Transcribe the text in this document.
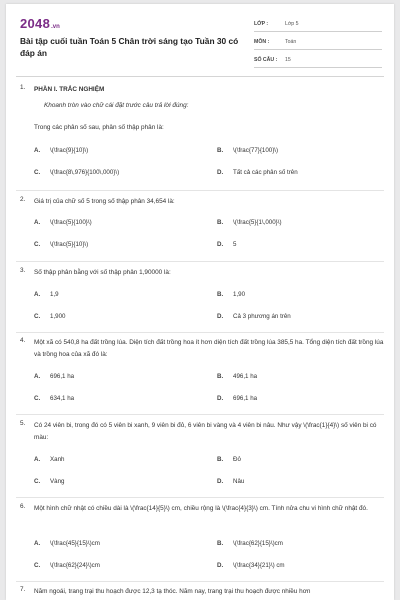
2048 .vn
Bài tập cuối tuần Toán 5 Chân trời sáng tạo Tuần 30 có đáp án
LỚP :	Lớp 5
MÔN :	Toán
SỐ CÂU :	15
1.	PHẦN I. TRẮC NGHIỆM
Khoanh tròn vào chữ cái đặt trước câu trả lời đúng:
Trong các phân số sau, phân số thập phân là:
A.	\(\frac{9}{10}\)	B.	\(\frac{77}{100}\)
C.	\(\frac{8\,976}{100\,000}\)	D.	Tất cả các phân số trên
2.	Giá trị của chữ số 5 trong số thập phân 34,654 là:
A.	\(\frac{5}{100}\)	B.	\(\frac{5}{1\,000}\)
C.	\(\frac{5}{10}\)	D.	5
3.	Số thập phân bằng với số thập phân 1,90000 là:
A.	1,9	B.	1,90
C.	1,900	D.	Cả 3 phương án trên
4.	Một xã có 540,8 ha đất trồng lúa. Diện tích đất trồng hoa ít hơn diện tích đất trồng lúa 385,5 ha. Tổng diện tích đất trồng lúa và trồng hoa của xã đó là:
A.	696,1 ha	B.	496,1 ha
C.	634,1 ha	D.	696,1 ha
5.	Có 24 viên bi, trong đó có 5 viên bi xanh, 9 viên bi đỏ, 6 viên bi vàng và 4 viên bi nâu. Như vậy \(\frac{1}{4}\) số viên bi có màu:
A.	Xanh	B.	Đỏ
C.	Vàng	D.	Nâu
6.	Một hình chữ nhật có chiều dài là \(\frac{14}{5}\) cm, chiều rộng là \(\frac{4}{3}\) cm. Tính nửa chu vi hình chữ nhật đó.
A.	\(\frac{45}{15}\)cm	B.	\(\frac{62}{15}\)cm
C.	\(\frac{62}{24}\)cm	D.	\(\frac{34}{21}\) cm
7.	Năm ngoái, trang trại thu hoạch được 12,3 tạ thóc. Năm nay, trang trại thu hoạch được nhiều hơn
